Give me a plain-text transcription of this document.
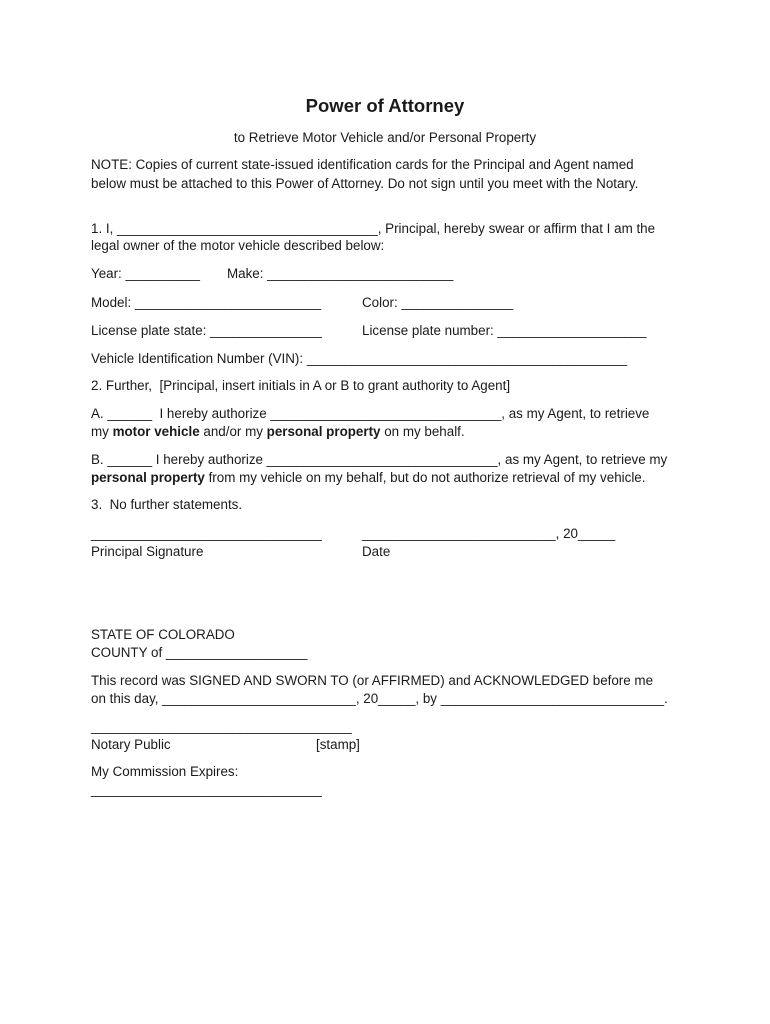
Power of Attorney
to Retrieve Motor Vehicle and/or Personal Property
NOTE: Copies of current state-issued identification cards for the Principal and Agent named
below must be attached to this Power of Attorney. Do not sign until you meet with the Notary.
1. I, ___________________________________, Principal, hereby swear or affirm that I am the
legal owner of the motor vehicle described below:
Year: __________ Make: _________________________
Model: _________________________	Color: _______________
License plate state: _______________	License plate number: ____________________
Vehicle Identification Number (VIN): ___________________________________________
2. Further,  [Principal, insert initials in A or B to grant authority to Agent]
A. ______  I hereby authorize _______________________________, as my Agent, to retrieve
my motor vehicle and/or my personal property on my behalf.
B. ______ I hereby authorize _______________________________, as my Agent, to retrieve my
personal property from my vehicle on my behalf, but do not authorize retrieval of my vehicle.
3.  No further statements.
_______________________________	__________________________, 20_____
Principal Signature	Date
STATE OF COLORADO
COUNTY of ___________________
This record was SIGNED AND SWORN TO (or AFFIRMED) and ACKNOWLEDGED before me
on this day, __________________________, 20_____, by ______________________________.
___________________________________
Notary Public	[stamp]
My Commission Expires:
_______________________________
